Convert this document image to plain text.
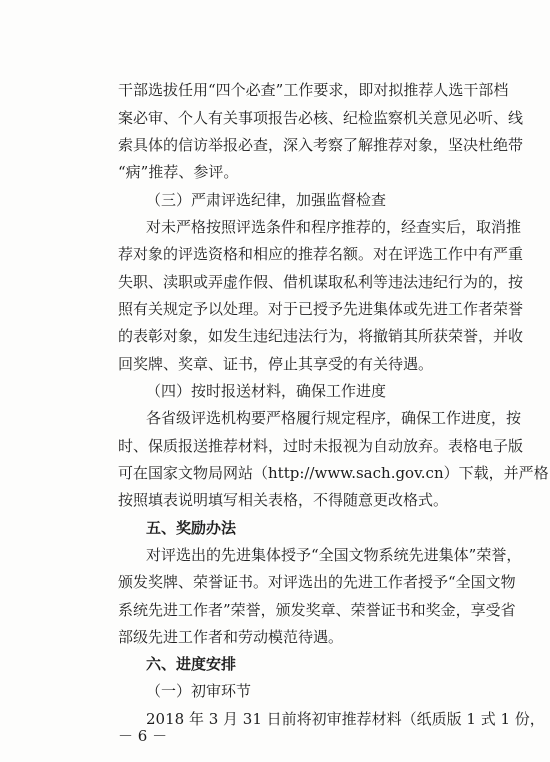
干部选拔任用“四个必查”工作要求，即对拟推荐人选干部档
案必审、个人有关事项报告必核、纪检监察机关意见必听、线
索具体的信访举报必查，深入考察了解推荐对象，坚决杜绝带
“病”推荐、参评。
（三）严肃评选纪律，加强监督检查
对未严格按照评选条件和程序推荐的，经查实后，取消推
荐对象的评选资格和相应的推荐名额。对在评选工作中有严重
失职、渎职或弄虚作假、借机谋取私利等违法违纪行为的，按
照有关规定予以处理。对于已授予先进集体或先进工作者荣誉
的表彰对象，如发生违纪违法行为，将撤销其所获荣誉，并收
回奖牌、奖章、证书，停止其享受的有关待遇。
（四）按时报送材料，确保工作进度
各省级评选机构要严格履行规定程序，确保工作进度，按
时、保质报送推荐材料，过时未报视为自动放弃。表格电子版
可在国家文物局网站（http://www.sach.gov.cn）下载，并严格
按照填表说明填写相关表格，不得随意更改格式。
五、奖励办法
对评选出的先进集体授予“全国文物系统先进集体”荣誉，
颁发奖牌、荣誉证书。对评选出的先进工作者授予“全国文物
系统先进工作者”荣誉，颁发奖章、荣誉证书和奖金，享受省
部级先进工作者和劳动模范待遇。
六、进度安排
（一）初审环节
2018 年 3 月 31 日前将初审推荐材料（纸质版 1 式 1 份，
－ 6 －
